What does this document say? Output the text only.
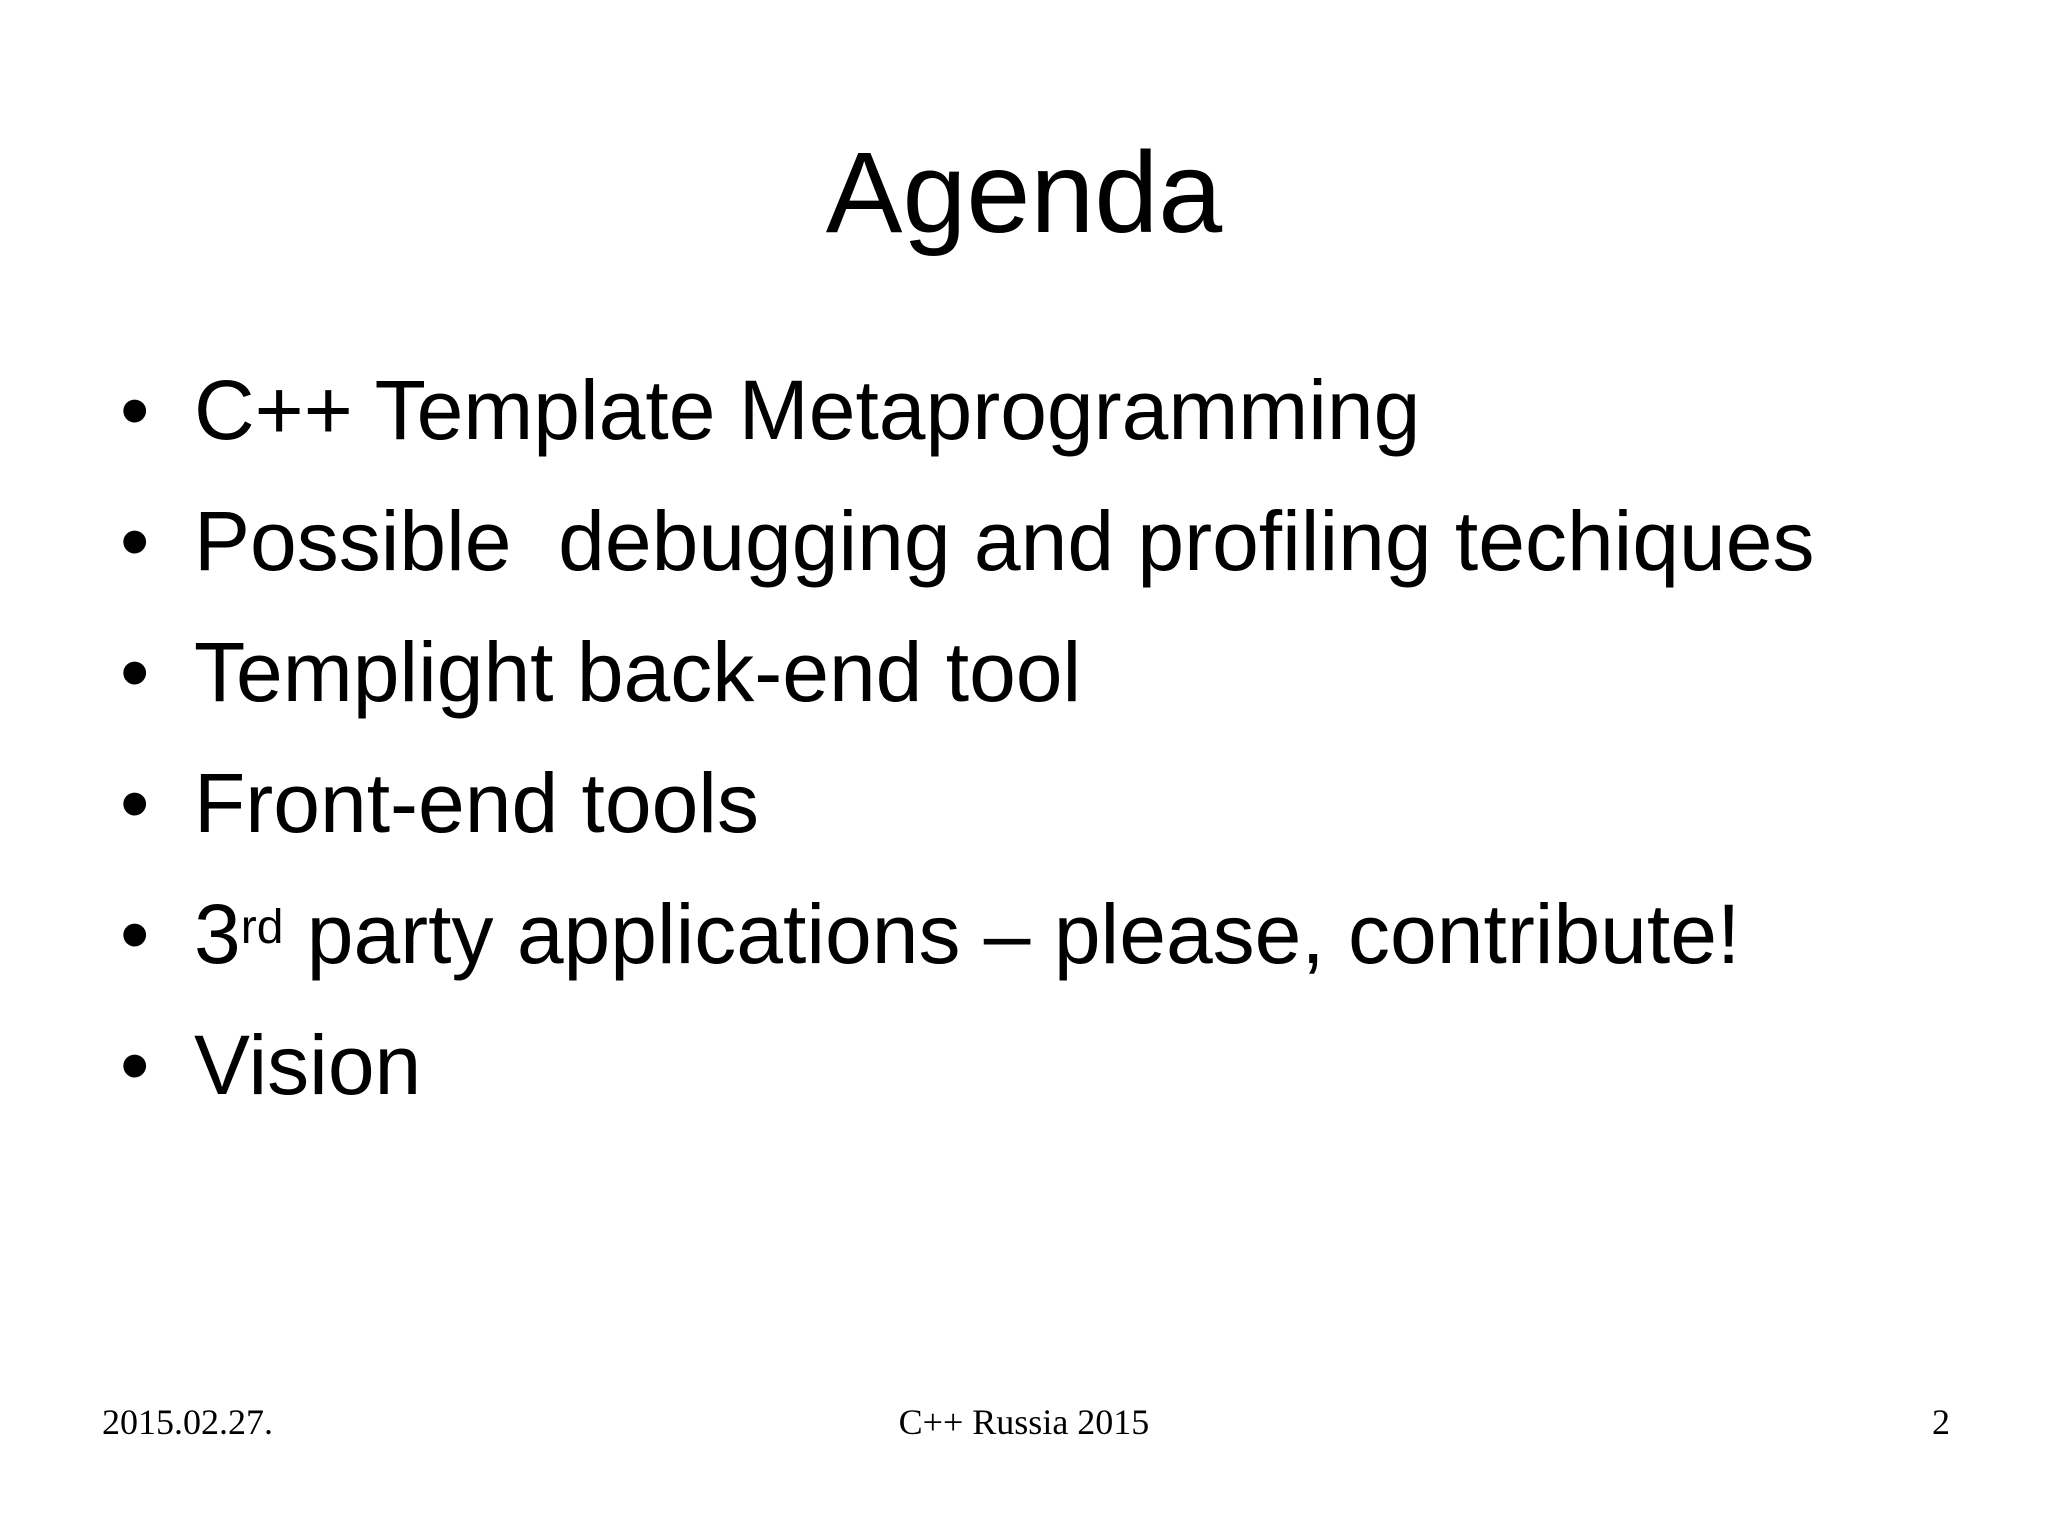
Agenda

•

C++ Template Metaprogramming

•

Possible  debugging and profiling techiques

•

Templight back-end tool

•

Front-end tools

•

3rd party applications – please, contribute!

•

Vision

2015.02.27.	C++ Russia 2015	2
